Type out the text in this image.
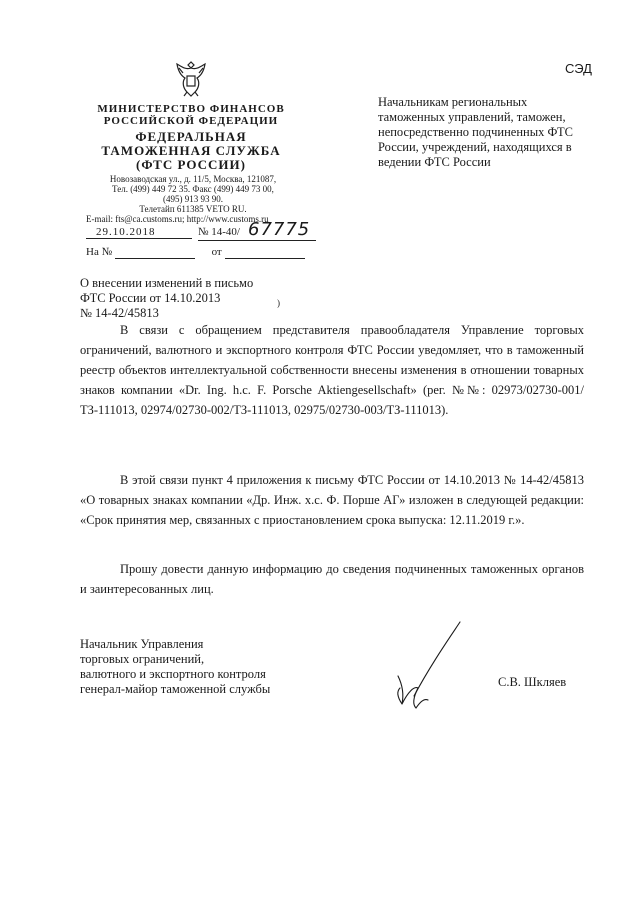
МИНИСТЕРСТВО ФИНАНСОВ
РОССИЙСКОЙ ФЕДЕРАЦИИ
ФЕДЕРАЛЬНАЯ
ТАМОЖЕННАЯ СЛУЖБА
(ФТС РОССИИ)
Новозаводская ул., д. 11/5, Москва, 121087,
Тел. (499) 449 72 35. Факс (499) 449 73 00,
(495) 913 93 90.
Телетайп 611385 VETO RU.
E-mail: fts@ca.customs.ru; http://www.customs.ru
СЭД
29.10.2018	№ 14-40/ 67775
На №	от
Начальникам региональных таможенных управлений, таможен, непосредственно подчиненных ФТС России, учреждений, находящихся в ведении ФТС России
О внесении изменений в письмо
ФТС России от 14.10.2013
№ 14-42/45813
)

В связи с обращением представителя правообладателя Управление торговых ограничений, валютного и экспортного контроля ФТС России уведомляет, что в таможенный реестр объектов интеллектуальной собственности внесены изменения в отношении товарных знаков компании «Dr. Ing. h.c. F. Porsche Aktiengesellschaft» (рег. №№: 02973/02730-001/ТЗ-111013, 02974/02730-002/ТЗ-111013, 02975/02730-003/ТЗ-111013).

В этой связи пункт 4 приложения к письму ФТС России от 14.10.2013 № 14-42/45813 «О товарных знаках компании «Др. Инж. х.с. Ф. Порше АГ» изложен в следующей редакции: «Срок принятия мер, связанных с приостановлением срока выпуска: 12.11.2019 г.».

Прошу довести данную информацию до сведения подчиненных таможенных органов и заинтересованных лиц.

Начальник Управления
торговых ограничений,
валютного и экспортного контроля
генерал-майор таможенной службы	С.В. Шкляев
